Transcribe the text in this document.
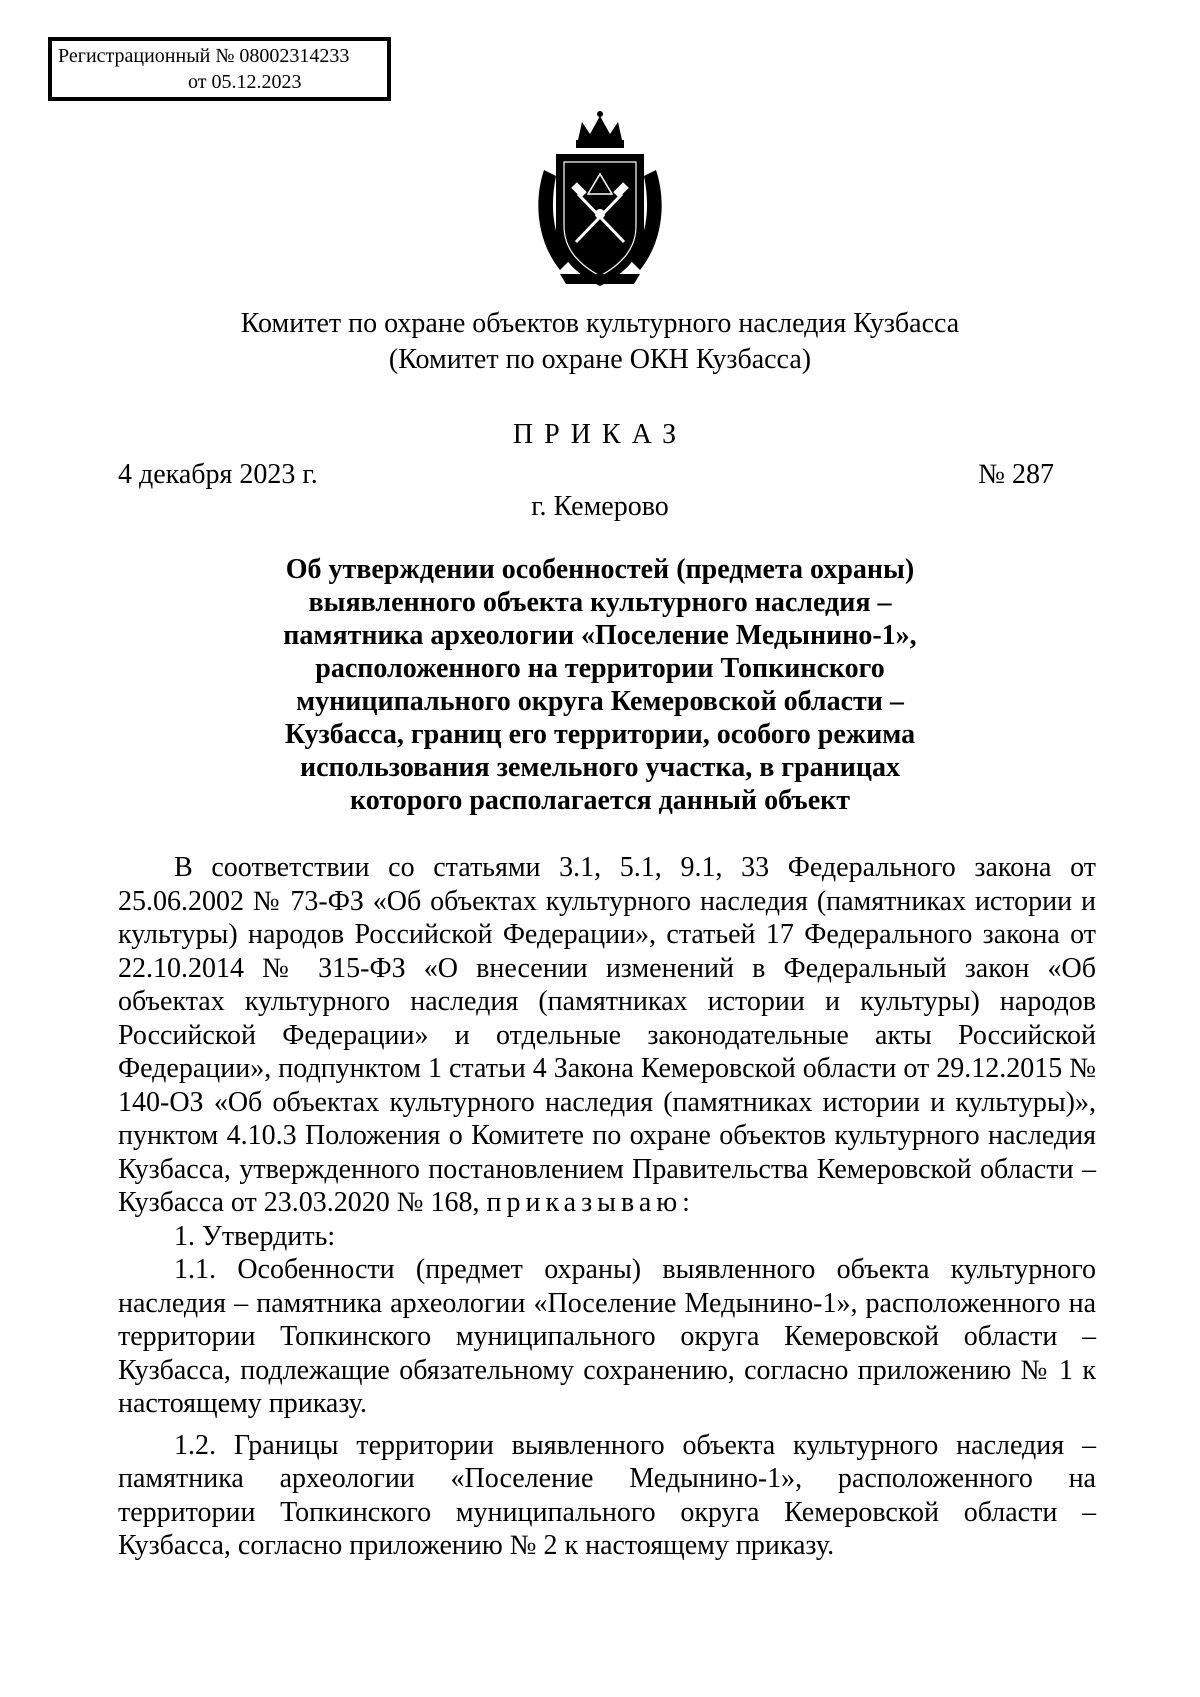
Регистрационный № 08002314233
от 05.12.2023
Комитет по охране объектов культурного наследия Кузбасса
(Комитет по охране ОКН Кузбасса)
ПРИКАЗ
4 декабря 2023 г.	№ 287
г. Кемерово
Об утверждении особенностей (предмета охраны)
выявленного объекта культурного наследия –
памятника археологии «Поселение Медынино-1»,
расположенного на территории Топкинского
муниципального округа Кемеровской области –
Кузбасса, границ его территории, особого режима
использования земельного участка, в границах
которого располагается данный объект

В соответствии со статьями 3.1, 5.1, 9.1, 33 Федерального закона от 25.06.2002 № 73-ФЗ «Об объектах культурного наследия (памятниках истории и культуры) народов Российской Федерации», статьей 17 Федерального закона от 22.10.2014 № 315-ФЗ «О внесении изменений в Федеральный закон «Об объектах культурного наследия (памятниках истории и культуры) народов Российской Федерации» и отдельные законодательные акты Российской Федерации», подпунктом 1 статьи 4 Закона Кемеровской области от 29.12.2015 № 140-ОЗ «Об объектах культурного наследия (памятниках истории и культуры)», пунктом 4.10.3 Положения о Комитете по охране объектов культурного наследия Кузбасса, утвержденного постановлением Правительства Кемеровской области – Кузбасса от 23.03.2020 № 168, приказываю:

1. Утвердить:

1.1. Особенности (предмет охраны) выявленного объекта культурного наследия – памятника археологии «Поселение Медынино-1», расположенного на территории Топкинского муниципального округа Кемеровской области – Кузбасса, подлежащие обязательному сохранению, согласно приложению № 1 к настоящему приказу.

1.2. Границы территории выявленного объекта культурного наследия – памятника археологии «Поселение Медынино-1», расположенного на территории Топкинского муниципального округа Кемеровской области – Кузбасса, согласно приложению № 2 к настоящему приказу.
